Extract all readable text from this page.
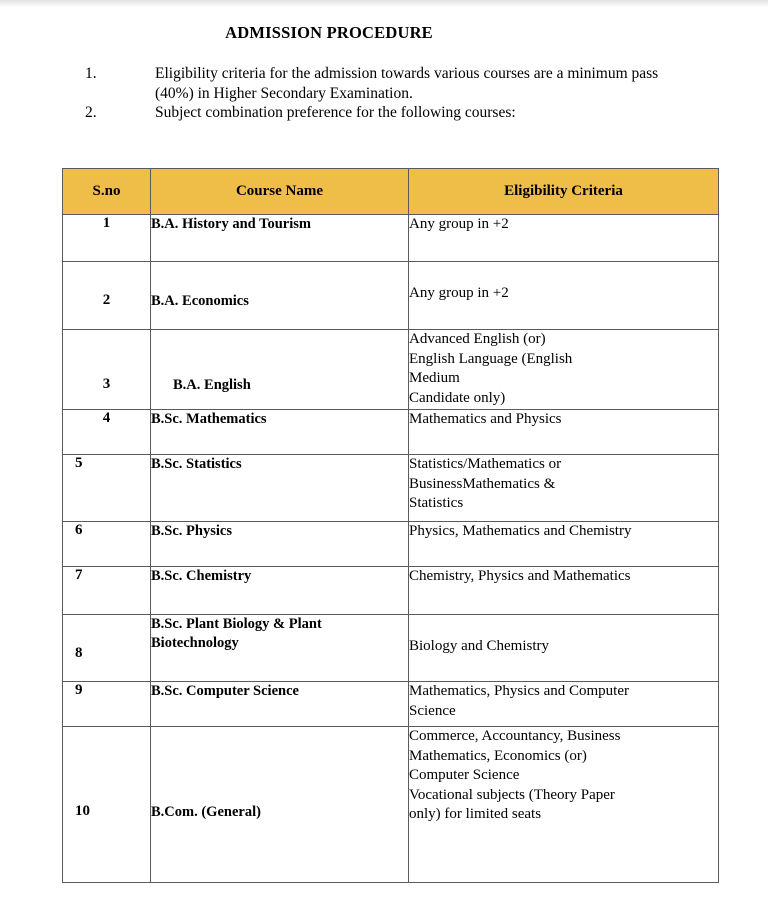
ADMISSION PROCEDURE
1.	Eligibility criteria for the admission towards various courses are a minimum pass (40%) in Higher Secondary Examination.
2.	Subject combination preference for the following courses:
S.no	Course Name	Eligibility Criteria
1	B.A. History and Tourism	Any group in +2
2	B.A. Economics	Any group in +2
3	B.A. English	Advanced English (or)
English Language (English
Medium
Candidate only)
4	B.Sc. Mathematics	Mathematics and Physics
5	B.Sc. Statistics	Statistics/Mathematics or
BusinessMathematics &
Statistics
6	B.Sc. Physics	Physics, Mathematics and Chemistry
7	B.Sc. Chemistry	Chemistry, Physics and Mathematics
8	B.Sc. Plant Biology & Plant Biotechnology	Biology and Chemistry
9	B.Sc. Computer Science	Mathematics, Physics and Computer
Science
10	B.Com. (General)	Commerce, Accountancy, Business
Mathematics, Economics (or)
Computer Science
Vocational subjects (Theory Paper
only) for limited seats
